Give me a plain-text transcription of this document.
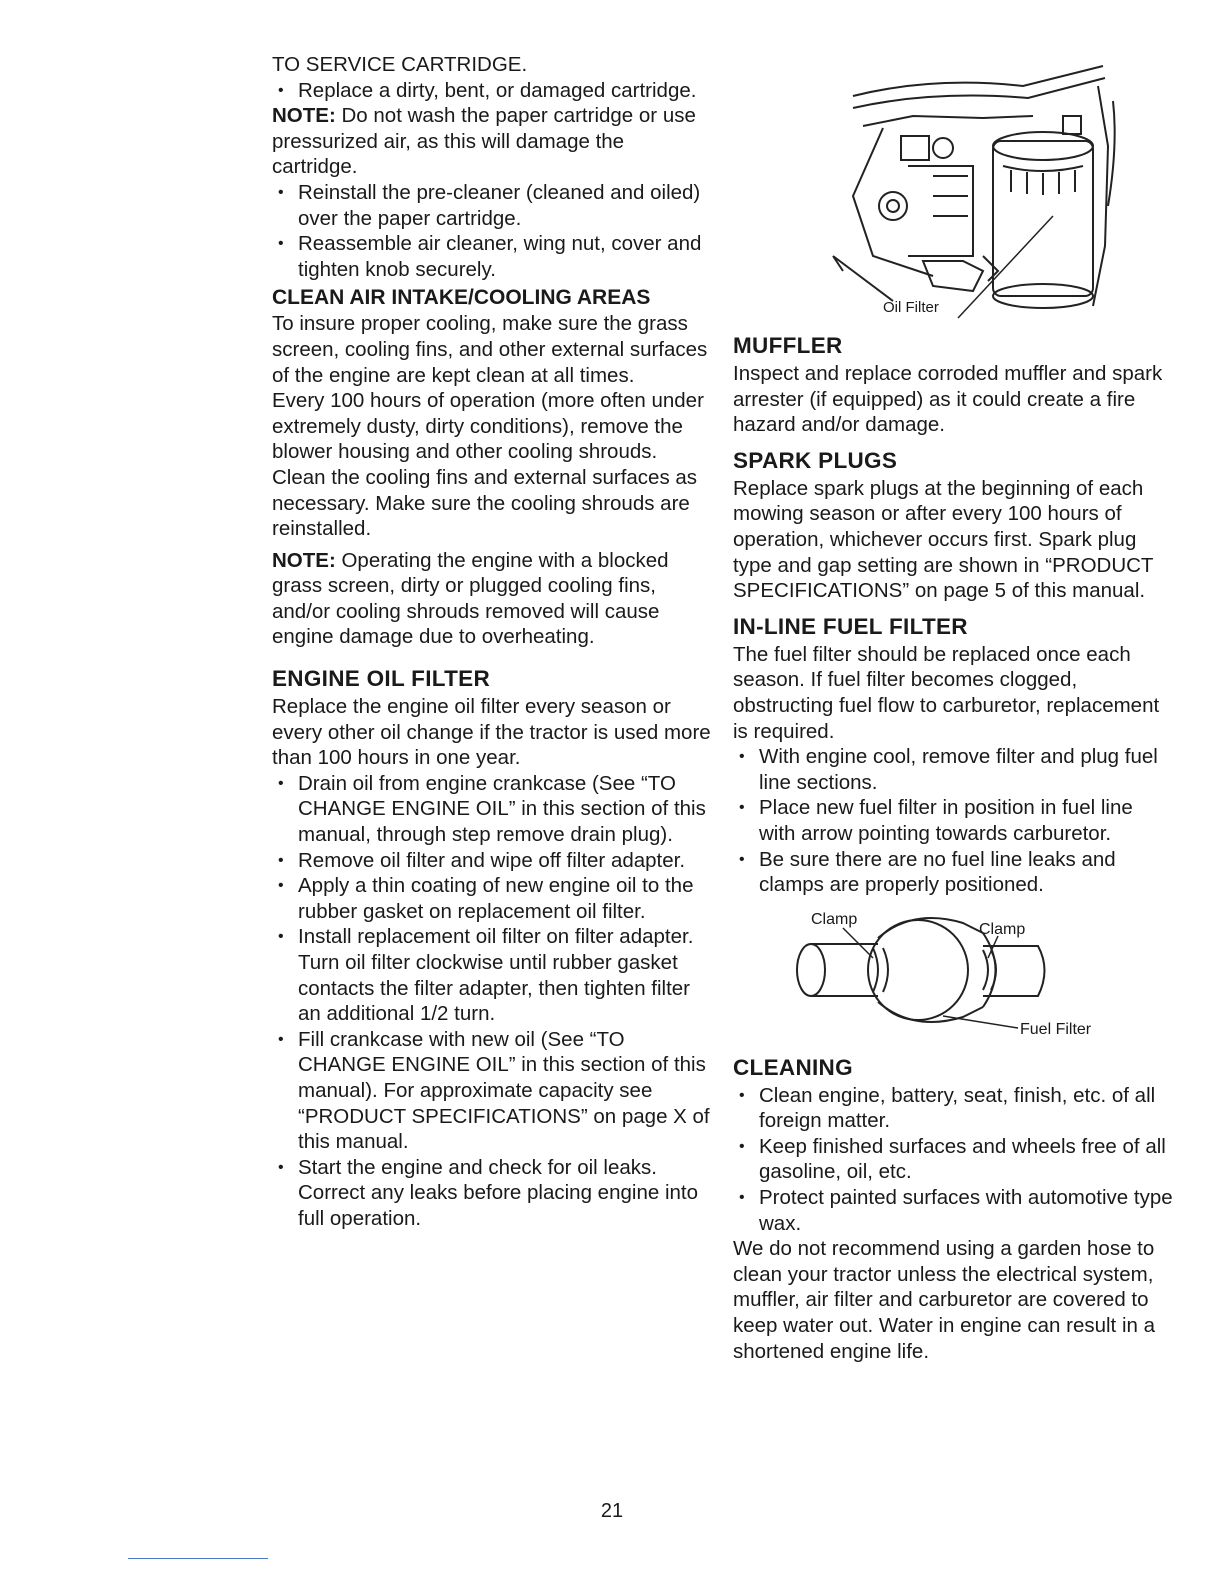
TO SERVICE CARTRIDGE.

• Replace a dirty, bent, or damaged cartridge.

NOTE: Do not wash the paper cartridge or use pressurized air, as this will damage the cartridge.

• Reinstall the pre-cleaner (cleaned and oiled) over the paper cartridge.
• Reassemble air cleaner, wing nut, cover and tighten knob securely.
CLEAN AIR INTAKE/COOLING AREAS

To insure proper cooling, make sure the grass screen, cooling fins, and other external surfaces of the engine are kept clean at all times.

Every 100 hours of operation (more often under extremely dusty, dirty conditions), remove the blower housing and other cooling shrouds. Clean the cooling fins and external surfaces as necessary. Make sure the cooling shrouds are reinstalled.

NOTE: Operating the engine with a blocked grass screen, dirty or plugged cooling fins, and/or cooling shrouds removed will cause engine damage due to overheating.

ENGINE OIL FILTER

Replace the engine oil filter every season or every other oil change if the tractor is used more than 100 hours in one year.

• Drain oil from engine crankcase (See “TO CHANGE ENGINE OIL” in this section of this manual, through step remove drain plug).
• Remove oil filter and wipe off filter adapter.
• Apply a thin coating of new engine oil to the rubber gasket on replacement oil filter.
• Install replacement oil filter on filter adapter. Turn oil filter clockwise until rubber gasket contacts the filter adapter, then tighten filter an additional 1/2 turn.
• Fill crankcase with new oil (See “TO CHANGE ENGINE OIL” in this section of this manual). For approximate capacity see “PRODUCT SPECIFICATIONS” on page X of this manual.
• Start the engine and check for oil leaks. Correct any leaks before placing engine into full operation.
Oil Filter
MUFFLER

Inspect and replace corroded muffler and spark arrester (if equipped) as it could create a fire hazard and/or damage.

SPARK PLUGS

Replace spark plugs at the beginning of each mowing season or after every 100 hours of operation, whichever occurs first. Spark plug type and gap setting are shown in “PRODUCT SPECIFICATIONS” on page 5 of this manual.

IN-LINE FUEL FILTER

The fuel filter should be replaced once each season. If fuel filter becomes clogged, obstructing fuel flow to carburetor, replacement is required.

• With engine cool, remove filter and plug fuel line sections.
• Place new fuel filter in position in fuel line with arrow pointing towards carburetor.
• Be sure there are no fuel line leaks and clamps are properly positioned.
Clamp
Clamp
Fuel Filter
CLEANING
• Clean engine, battery, seat, finish, etc. of all foreign matter.
• Keep finished surfaces and wheels free of all gasoline, oil, etc.
• Protect painted surfaces with automotive type wax.

We do not recommend using a garden hose to clean your tractor unless the electrical system, muffler, air filter and carburetor are covered to keep water out. Water in engine can result in a shortened engine life.

21
